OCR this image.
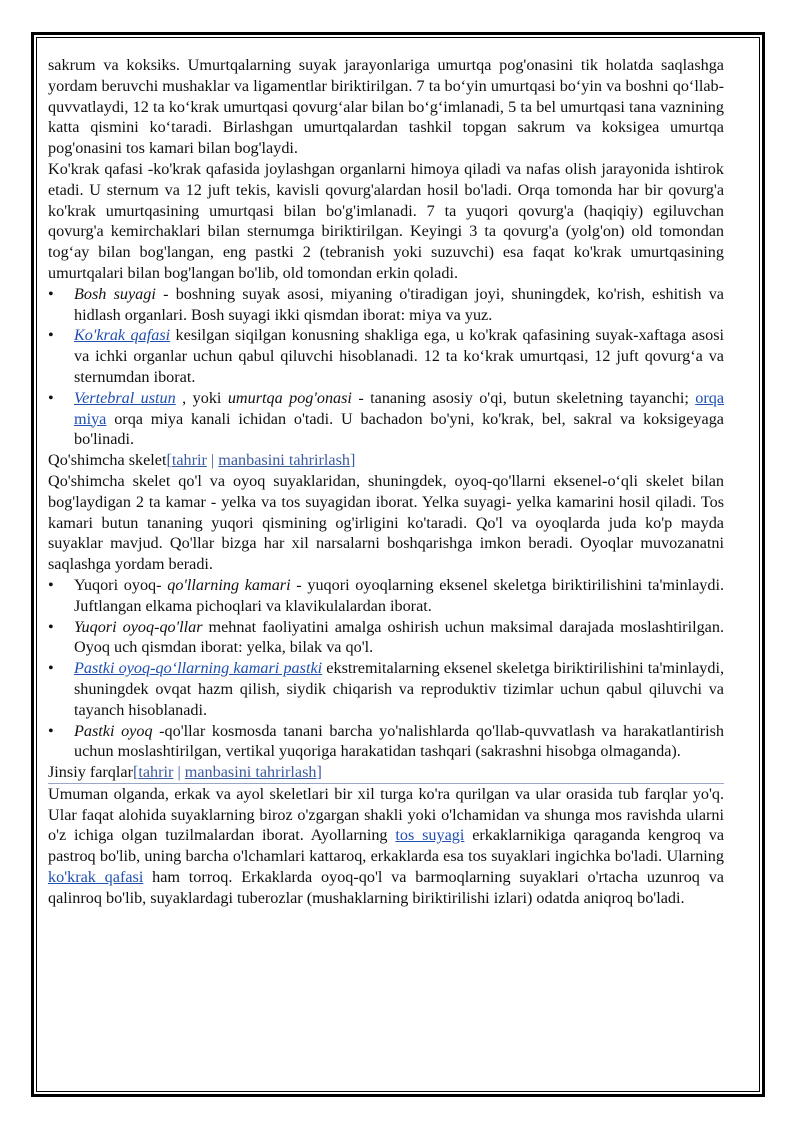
sakrum va koksiks. Umurtqalarning suyak jarayonlariga umurtqa pog'onasini tik holatda saqlashga yordam beruvchi mushaklar va ligamentlar biriktirilgan. 7 ta bo‘yin umurtqasi bo‘yin va boshni qo‘llab-quvvatlaydi, 12 ta ko‘krak umurtqasi qovurg‘alar bilan bo‘g‘imlanadi, 5 ta bel umurtqasi tana vaznining katta qismini ko‘taradi. Birlashgan umurtqalardan tashkil topgan sakrum va koksigea umurtqa pog'onasini tos kamari bilan bog'laydi.

Ko'krak qafasi -ko'krak qafasida joylashgan organlarni himoya qiladi va nafas olish jarayonida ishtirok etadi. U sternum va 12 juft tekis, kavisli qovurg'alardan hosil bo'ladi. Orqa tomonda har bir qovurg'a ko'krak umurtqasining umurtqasi bilan bo'g'imlanadi. 7 ta yuqori qovurg'a (haqiqiy) egiluvchan qovurg'a kemirchaklari bilan sternumga biriktirilgan. Keyingi 3 ta qovurg'a (yolg'on) old tomondan tog‘ay bilan bog'langan, eng pastki 2 (tebranish yoki suzuvchi) esa faqat ko'krak umurtqasining umurtqalari bilan bog'langan bo'lib, old tomondan erkin qoladi.

• Bosh suyagi - boshning suyak asosi, miyaning o'tiradigan joyi, shuningdek, ko'rish, eshitish va hidlash organlari. Bosh suyagi ikki qismdan iborat: miya va yuz.
• Ko'krak qafasi kesilgan siqilgan konusning shakliga ega, u ko'krak qafasining suyak-xaftaga asosi va ichki organlar uchun qabul qiluvchi hisoblanadi. 12 ta ko‘krak umurtqasi, 12 juft qovurg‘a va sternumdan iborat.
• Vertebral ustun , yoki umurtqa pog'onasi - tananing asosiy o'qi, butun skeletning tayanchi; orqa miya orqa miya kanali ichidan o'tadi. U bachadon bo'yni, ko'krak, bel, sakral va koksigeyaga bo'linadi.
Qo'shimcha skelet[tahrir | manbasini tahrirlash]

Qo'shimcha skelet qo'l va oyoq suyaklaridan, shuningdek, oyoq-qo'llarni eksenel-o‘qli skelet bilan bog'laydigan 2 ta kamar - yelka va tos suyagidan iborat. Yelka suyagi- yelka kamarini hosil qiladi. Tos kamari butun tananing yuqori qismining og'irligini ko'taradi. Qo'l va oyoqlarda juda ko'p mayda suyaklar mavjud. Qo'llar bizga har xil narsalarni boshqarishga imkon beradi. Oyoqlar muvozanatni saqlashga yordam beradi.

• Yuqori oyoq- qo'llarning kamari - yuqori oyoqlarning eksenel skeletga biriktirilishini ta'minlaydi. Juftlangan elkama pichoqlari va klavikulalardan iborat.
• Yuqori oyoq-qo'llar mehnat faoliyatini amalga oshirish uchun maksimal darajada moslashtirilgan. Oyoq uch qismdan iborat: yelka, bilak va qo'l.
• Pastki oyoq-qo‘llarning kamari pastki ekstremitalarning eksenel skeletga biriktirilishini ta'minlaydi, shuningdek ovqat hazm qilish, siydik chiqarish va reproduktiv tizimlar uchun qabul qiluvchi va tayanch hisoblanadi.
• Pastki oyoq -qo'llar kosmosda tanani barcha yo'nalishlarda qo'llab-quvvatlash va harakatlantirish uchun moslashtirilgan, vertikal yuqoriga harakatidan tashqari (sakrashni hisobga olmaganda).
Jinsiy farqlar[tahrir | manbasini tahrirlash]

Umuman olganda, erkak va ayol skeletlari bir xil turga ko'ra qurilgan va ular orasida tub farqlar yo'q. Ular faqat alohida suyaklarning biroz o'zgargan shakli yoki o'lchamidan va shunga mos ravishda ularni o'z ichiga olgan tuzilmalardan iborat. Ayollarning tos suyagi erkaklarnikiga qaraganda kengroq va pastroq bo'lib, uning barcha o'lchamlari kattaroq, erkaklarda esa tos suyaklari ingichka bo'ladi. Ularning ko'krak qafasi ham torroq. Erkaklarda oyoq-qo'l va barmoqlarning suyaklari o'rtacha uzunroq va qalinroq bo'lib, suyaklardagi tuberozlar (mushaklarning biriktirilishi izlari) odatda aniqroq bo'ladi.
